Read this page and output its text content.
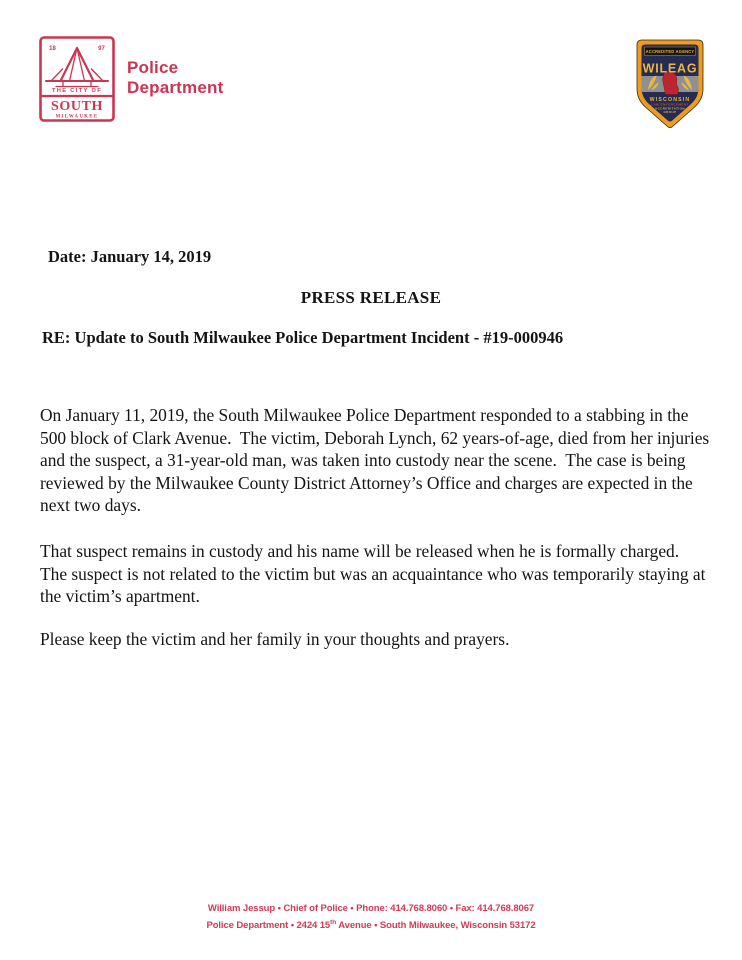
18	97
THE CITY OF
SOUTH
MILWAUKEE
Police
Department
ACCREDITED AGENCY
WILEAG
WISCONSIN
LAW ENFORCEMENT
ACCREDITATION
GROUP

Date: January 14, 2019

PRESS RELEASE

RE: Update to South Milwaukee Police Department Incident - #19-000946

On January 11, 2019, the South Milwaukee Police Department responded to a stabbing in the 500 block of Clark Avenue.  The victim, Deborah Lynch, 62 years-of-age, died from her injuries and the suspect, a 31-year-old man, was taken into custody near the scene.  The case is being reviewed by the Milwaukee County District Attorney’s Office and charges are expected in the next two days.

That suspect remains in custody and his name will be released when he is formally charged.  The suspect is not related to the victim but was an acquaintance who was temporarily staying at the victim’s apartment.

Please keep the victim and her family in your thoughts and prayers.

William Jessup • Chief of Police • Phone: 414.768.8060 • Fax: 414.768.8067
Police Department • 2424 15th Avenue • South Milwaukee, Wisconsin 53172
